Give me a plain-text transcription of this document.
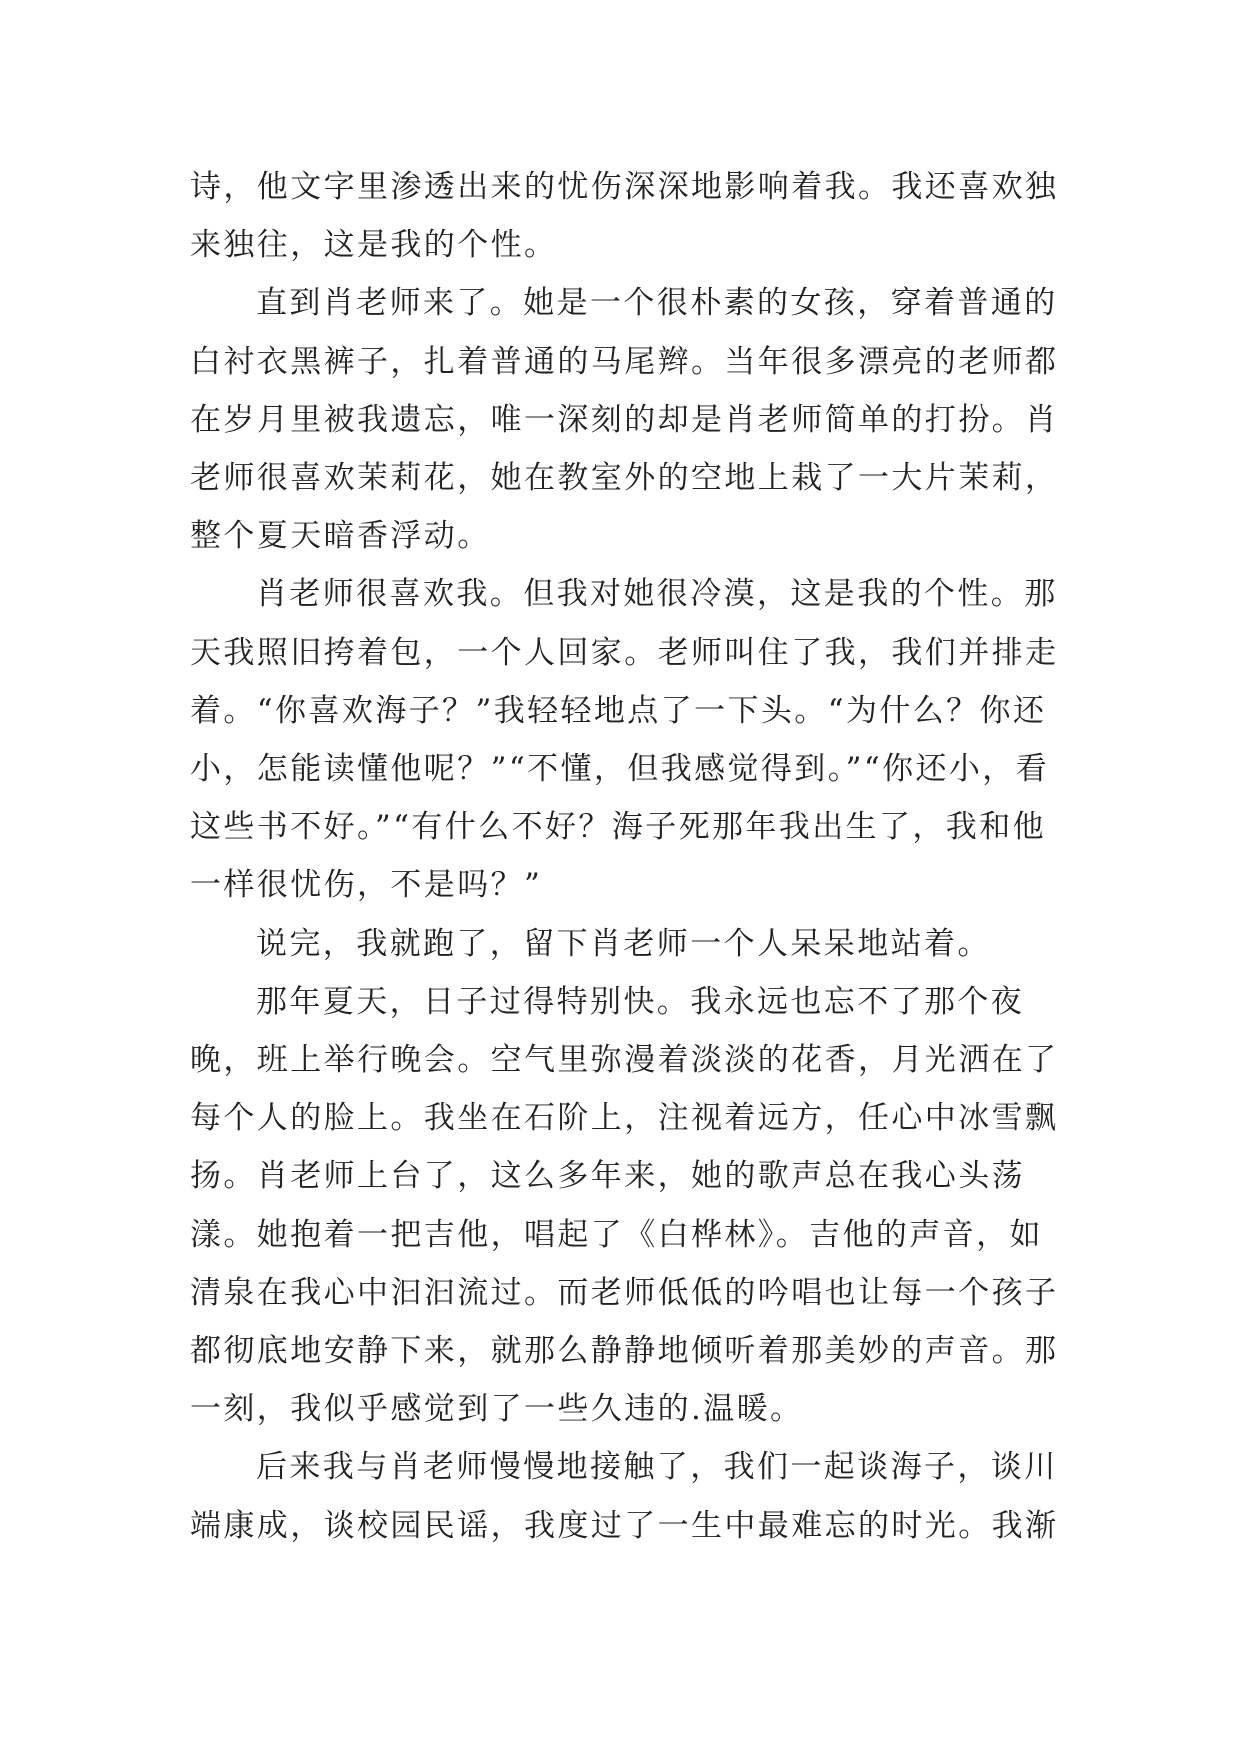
诗，他文字里渗透出来的忧伤深深地影响着我。我还喜欢独来独往，这是我的个性。

直到肖老师来了。她是一个很朴素的女孩，穿着普通的白衬衣黑裤子，扎着普通的马尾辫。当年很多漂亮的老师都在岁月里被我遗忘，唯一深刻的却是肖老师简单的打扮。肖老师很喜欢茉莉花，她在教室外的空地上栽了一大片茉莉，整个夏天暗香浮动。

肖老师很喜欢我。但我对她很冷漠，这是我的个性。那天我照旧挎着包，一个人回家。老师叫住了我，我们并排走着。“你喜欢海子？”我轻轻地点了一下头。“为什么？你还小，怎能读懂他呢？”“不懂，但我感觉得到。”“你还小，看这些书不好。”“有什么不好？海子死那年我出生了，我和他一样很忧伤，不是吗？”

说完，我就跑了，留下肖老师一个人呆呆地站着。

那年夏天，日子过得特别快。我永远也忘不了那个夜晚，班上举行晚会。空气里弥漫着淡淡的花香，月光洒在了每个人的脸上。我坐在石阶上，注视着远方，任心中冰雪飘扬。肖老师上台了，这么多年来，她的歌声总在我心头荡漾。她抱着一把吉他，唱起了《白桦林》。吉他的声音，如清泉在我心中汩汩流过。而老师低低的吟唱也让每一个孩子都彻底地安静下来，就那么静静地倾听着那美妙的声音。那一刻，我似乎感觉到了一些久违的.温暖。

后来我与肖老师慢慢地接触了，我们一起谈海子，谈川端康成，谈校园民谣，我度过了一生中最难忘的时光。我渐
